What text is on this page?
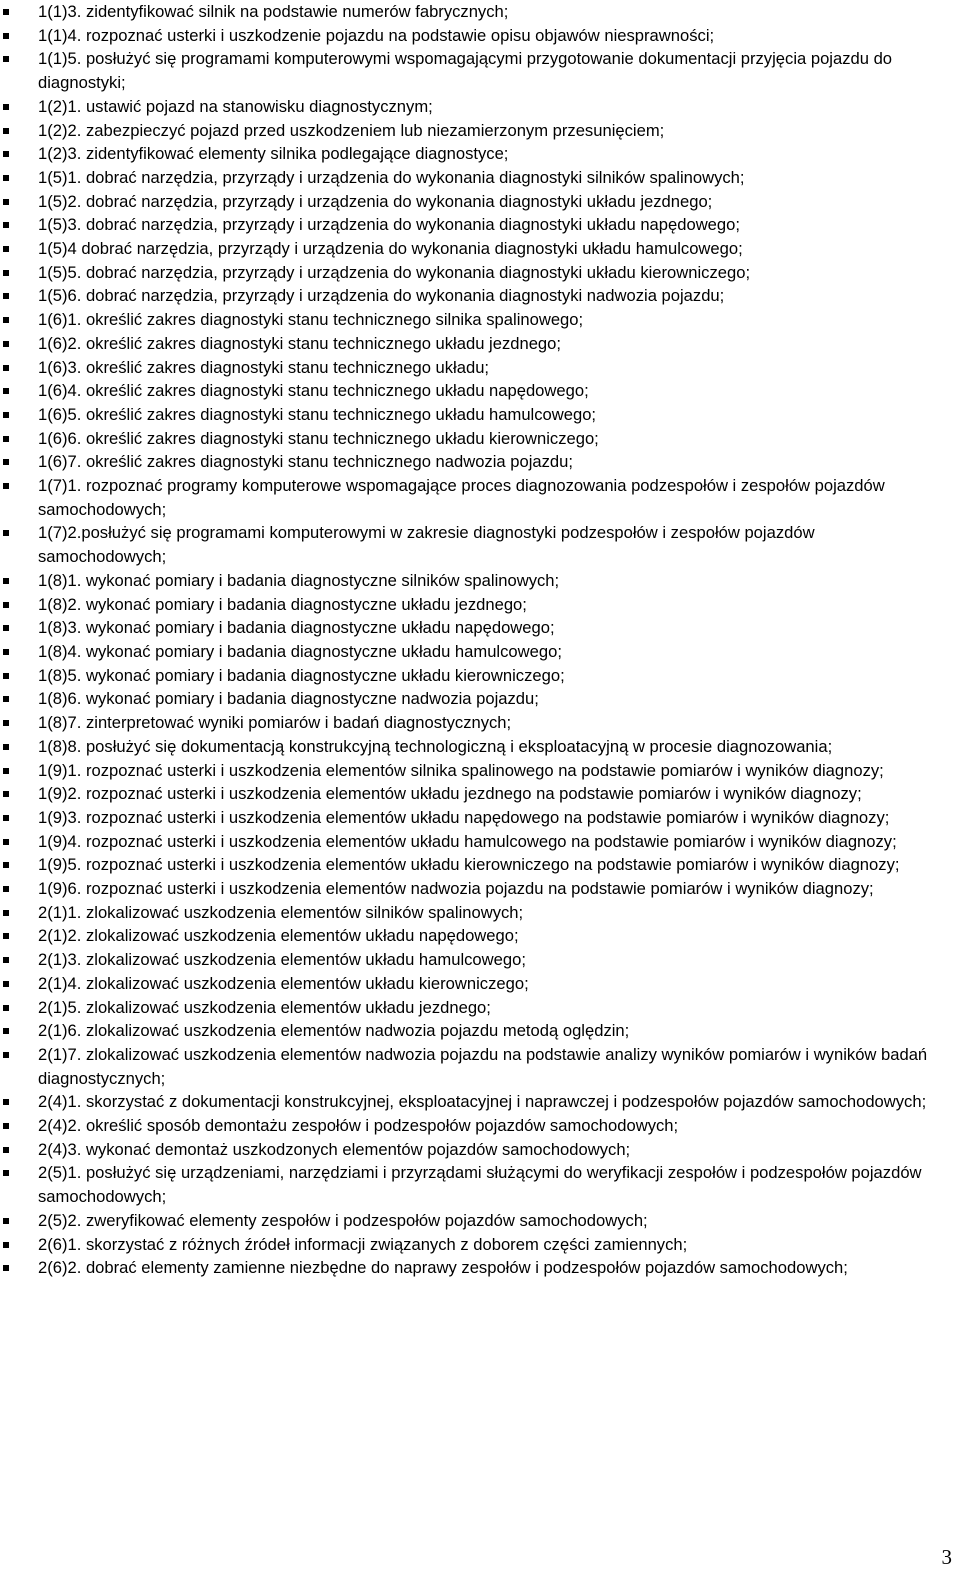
1(1)3. zidentyfikować silnik na podstawie numerów fabrycznych;
1(1)4. rozpoznać usterki i uszkodzenie pojazdu na podstawie opisu objawów niesprawności;
1(1)5. posłużyć się programami komputerowymi wspomagającymi przygotowanie dokumentacji przyjęcia pojazdu do diagnostyki;
1(2)1. ustawić pojazd na stanowisku diagnostycznym;
1(2)2. zabezpieczyć pojazd przed uszkodzeniem lub niezamierzonym przesunięciem;
1(2)3. zidentyfikować elementy silnika podlegające diagnostyce;
1(5)1. dobrać narzędzia, przyrządy i urządzenia do wykonania diagnostyki silników spalinowych;
1(5)2. dobrać narzędzia, przyrządy i urządzenia do wykonania diagnostyki układu jezdnego;
1(5)3. dobrać narzędzia, przyrządy i urządzenia do wykonania diagnostyki układu napędowego;
1(5)4 dobrać narzędzia, przyrządy i urządzenia do wykonania diagnostyki układu hamulcowego;
1(5)5. dobrać narzędzia, przyrządy i urządzenia do wykonania diagnostyki układu kierowniczego;
1(5)6. dobrać narzędzia, przyrządy i urządzenia do wykonania diagnostyki nadwozia pojazdu;
1(6)1. określić zakres diagnostyki stanu technicznego silnika spalinowego;
1(6)2. określić zakres diagnostyki stanu technicznego układu jezdnego;
1(6)3. określić zakres diagnostyki stanu technicznego układu;
1(6)4. określić zakres diagnostyki stanu technicznego układu napędowego;
1(6)5. określić zakres diagnostyki stanu technicznego układu hamulcowego;
1(6)6. określić zakres diagnostyki stanu technicznego układu kierowniczego;
1(6)7. określić zakres diagnostyki stanu technicznego nadwozia pojazdu;
1(7)1. rozpoznać programy komputerowe wspomagające proces diagnozowania podzespołów i zespołów pojazdów samochodowych;
1(7)2.posłużyć się programami komputerowymi w zakresie diagnostyki podzespołów i zespołów pojazdów samochodowych;
1(8)1. wykonać pomiary i badania diagnostyczne silników spalinowych;
1(8)2. wykonać pomiary i badania diagnostyczne układu jezdnego;
1(8)3. wykonać pomiary i badania diagnostyczne układu napędowego;
1(8)4. wykonać pomiary i badania diagnostyczne układu hamulcowego;
1(8)5. wykonać pomiary i badania diagnostyczne układu kierowniczego;
1(8)6. wykonać pomiary i badania diagnostyczne nadwozia pojazdu;
1(8)7. zinterpretować wyniki pomiarów i badań diagnostycznych;
1(8)8. posłużyć się dokumentacją konstrukcyjną technologiczną i eksploatacyjną w procesie diagnozowania;
1(9)1. rozpoznać usterki i uszkodzenia elementów silnika spalinowego na podstawie pomiarów i wyników diagnozy;
1(9)2. rozpoznać usterki i uszkodzenia elementów układu jezdnego na podstawie pomiarów i wyników diagnozy;
1(9)3. rozpoznać usterki i uszkodzenia elementów układu napędowego na podstawie pomiarów i wyników diagnozy;
1(9)4. rozpoznać usterki i uszkodzenia elementów układu hamulcowego na podstawie pomiarów i wyników diagnozy;
1(9)5. rozpoznać usterki i uszkodzenia elementów układu kierowniczego na podstawie pomiarów i wyników diagnozy;
1(9)6. rozpoznać usterki i uszkodzenia elementów nadwozia pojazdu na podstawie pomiarów i wyników diagnozy;
2(1)1. zlokalizować uszkodzenia elementów silników spalinowych;
2(1)2. zlokalizować uszkodzenia elementów układu napędowego;
2(1)3. zlokalizować uszkodzenia elementów układu hamulcowego;
2(1)4. zlokalizować uszkodzenia elementów układu kierowniczego;
2(1)5. zlokalizować uszkodzenia elementów układu jezdnego;
2(1)6. zlokalizować uszkodzenia elementów nadwozia pojazdu metodą oględzin;
2(1)7. zlokalizować uszkodzenia elementów nadwozia pojazdu na podstawie analizy wyników pomiarów i wyników badań diagnostycznych;
2(4)1. skorzystać z dokumentacji konstrukcyjnej, eksploatacyjnej i naprawczej i podzespołów pojazdów samochodowych;
2(4)2. określić sposób demontażu zespołów i podzespołów pojazdów samochodowych;
2(4)3. wykonać demontaż uszkodzonych elementów pojazdów samochodowych;
2(5)1. posłużyć się urządzeniami, narzędziami i przyrządami służącymi do weryfikacji zespołów i podzespołów pojazdów samochodowych;
2(5)2. zweryfikować elementy zespołów i podzespołów pojazdów samochodowych;
2(6)1. skorzystać z różnych źródeł informacji związanych z doborem części zamiennych;
2(6)2. dobrać elementy zamienne niezbędne do naprawy zespołów i podzespołów pojazdów samochodowych;
3
